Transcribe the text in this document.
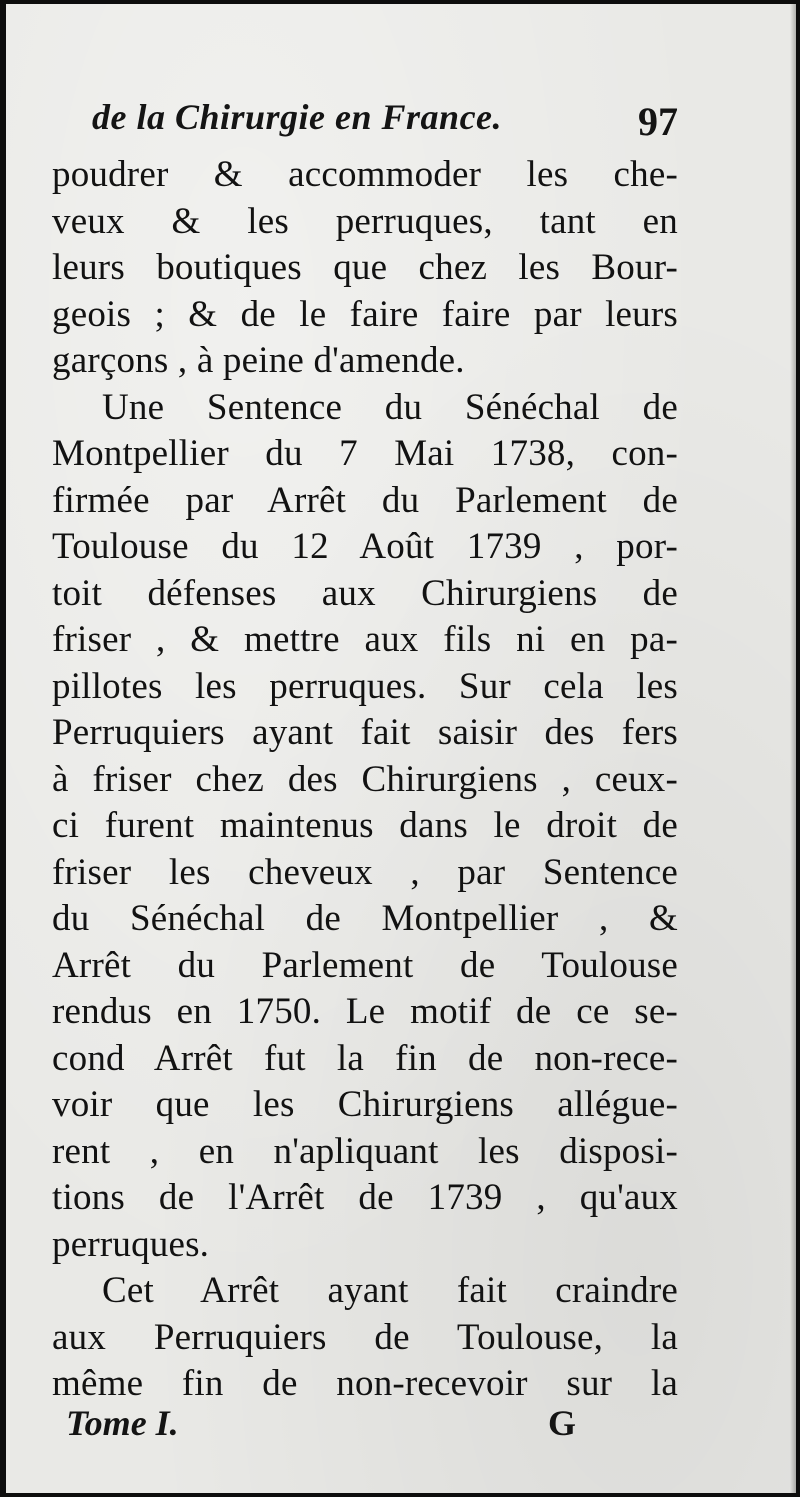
de la Chirurgie en France.	97
poudrer & accommoder les che-
veux & les perruques, tant en
leurs boutiques que chez les Bour-
geois ; & de le faire faire par leurs
garçons , à peine d'amende.
Une Sentence du Sénéchal de
Montpellier du 7 Mai 1738, con-
firmée par Arrêt du Parlement de
Toulouse du 12 Août 1739 , por-
toit défenses aux Chirurgiens de
friser , & mettre aux fils ni en pa-
pillotes les perruques. Sur cela les
Perruquiers ayant fait saisir des fers
à friser chez des Chirurgiens , ceux-
ci furent maintenus dans le droit de
friser les cheveux , par Sentence
du Sénéchal de Montpellier , &
Arrêt du Parlement de Toulouse
rendus en 1750. Le motif de ce se-
cond Arrêt fut la fin de non-rece-
voir que les Chirurgiens allégue-
rent , en n'apliquant les disposi-
tions de l'Arrêt de 1739 , qu'aux
perruques.
Cet Arrêt ayant fait craindre
aux Perruquiers de Toulouse, la
même fin de non-recevoir sur la
Tome I.	G
